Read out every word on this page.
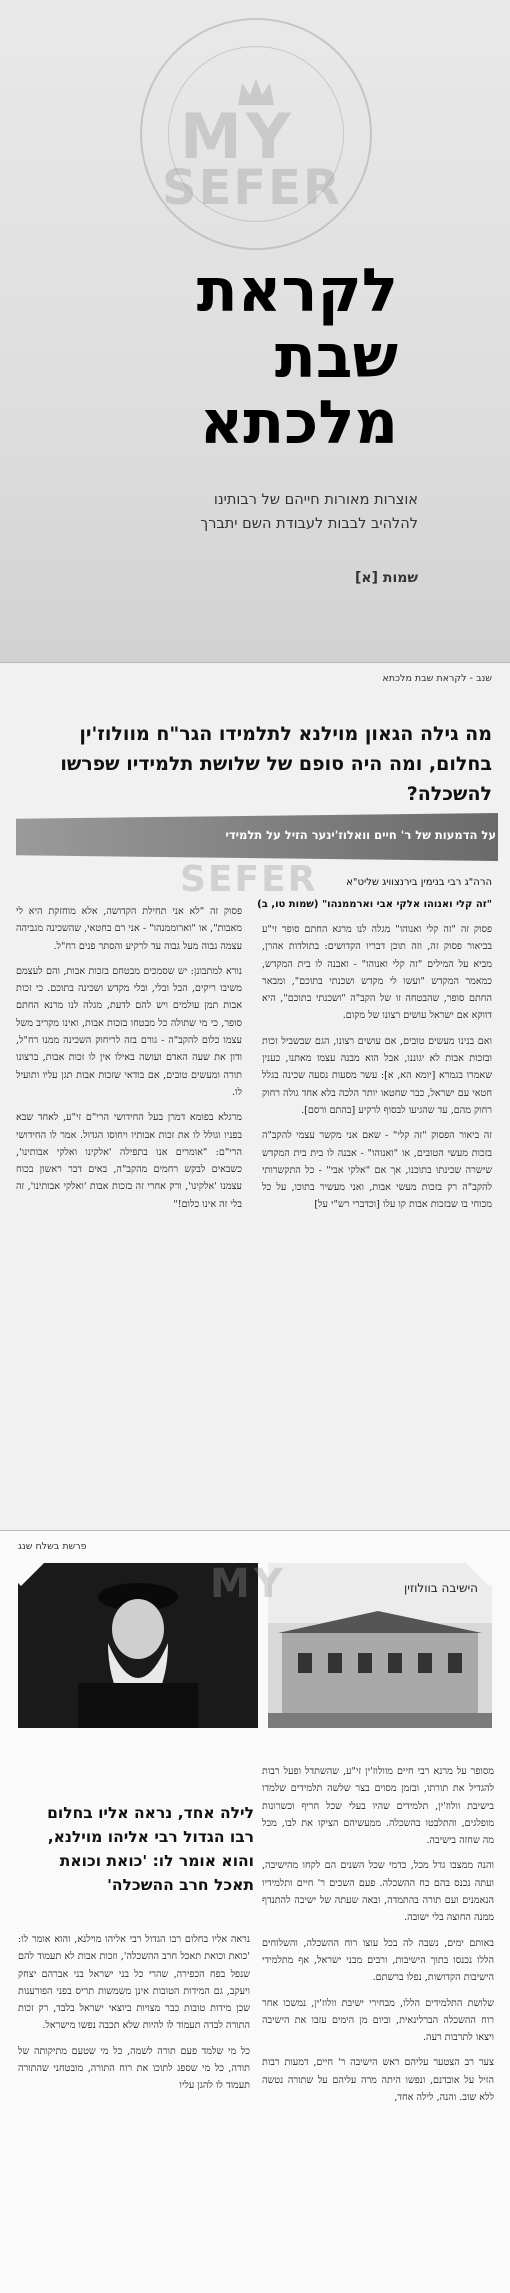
MY
SEFER
לקראת
שבת
מלכתא
אוצרות מאורות חייהם של רבותינו
להלהיב לבבות לעבודת השם יתברך
שמות [א]
שנב - לקראת שבת מלכתא
SEFER
מה גילה הגאון מוילנא לתלמידו הגר"ח מוולוז'ין בחלום, ומה היה סופם של שלושת תלמידיו שפרשו להשכלה?
על הדמעות של ר' חיים וואלוז'ינער הזיל על תלמידי
הרה"ג רבי בנימין בירנצוויג שליט"א
"זה קלי ואנוהו אלקי אבי וארממנהו" (שמות טו, ב)

פסוק זה "זה קלי ואנוהו" מגלה לנו מרגא החתם סופר זי"ע בביאור פסוק זה, וזה תוכן דבריו הקדושים: בתולדות אהרן, מביא על המילים "זה קלי ואנוהו" - ואבנה לו בית המקדש, כמאמר המקדש "ועשו לי מקדש ושכנתי בתוכם", ומבאר החתם סופר, שהבטחה זו של הקב"ה "ושכנתי בתוכם", היא דווקא אם ישראל עושים רצונו של מקום.

ואם בנינו מעשים טובים, אם עושים רצונו, הגם שבשביל זכות ובזכות אבות לא יגוננו, אבל הוא מבנה עצמו מאתנו, כענין שאמרו בגמרא [יומא הא, א]: עשר מסעות נסעה שכינה בגלל חטאי עם ישראל, כבר שחטאו יותר הלכה בלא אחד גולה רחוק רחוק מהם, עד שהגיעו לבסוף לרקיע [בהתם ורסם].

זה ביאור הפסוק "זה קלי" - שאם אני מקשר עצמי להקב"ה בזכות מעשי הטובים, או "ואנוהו" - אבנה לו בית בית המקדש שישרה שכינתו בתוכנו, אך אם "אלקי אבי" - כל התקשרותי להקב"ה רק בזכות מעשי אבות, ואני מעשיר בתוכו, על כל מכוחי בו שבזכות אבות קו עלו [וכדברי רש"י על]

פסוק זה "לא אני תחילת הקדושה, אלא מוחזקת היא לי מאבות", או "וארוממנהו" - אני רם בחטאי, שהשכינה מגביהה עצמה גבוה מעל גבוה עד לרקיע והסתר פנים רח"ל.

נורא למתבונן: יש שסמכים מבטחם בזכות אבות, והם לעצמם משיבו ריקים, הבל ובלי, ובלי מקדש ושכינה בתוכם. כי זכות אבות תמן עולמים ויש להם לדעת, מגלה לנו מרנא החתם סופר, כי מי שתולה כל מבטחו בזכות אבות, ואינו מקריב משל עצמו כלום להקב"ה - גורם בזה לריחוק השכינה ממנו רח"ל, ודון את שעה האדם ועושה באילו אין לו זכות אבות, ברצונו תורה ומעשים טובים, אם בודאי שזכות אבות תגן עליו ותועיל לו.

מרגלא בפומא דמרן בעל החידושי הרי"ם זי"ע, לאחד שבא בפניו וגולל לו את זכות אבותיו ויחוסו הגדול. אמר לו החידושי הרי"ם: "אומרים אנו בתפילה 'אלקינו ואלקי אבותינו', כשבאים לבקש רחמים מהקב"ה, באים דבר ראשון בכוח עצמנו 'אלקינו', ורק אחרי זה בזכות אבות 'ואלקי אבותינו', זה בלי זה אינו כלום!"

פרשת בשלח שנג
הישיבה בוולוזין
MY
לילה אחד, נראה אליו בחלום רבו הגדול רבי אליהו מוילנא, והוא אומר לו: 'כואת וכואת תאכל חרב ההשכלה'

מסופר על מרנא רבי חיים מוולוז'ין זי"ע, שהשתדל ופעל רבות להגדיל את תורתו, ובזמן מסוים בצר שלשה תלמידים שלמדו בישיבת וולוז'ין, תלמידים שהיו בעלי שכל חריף וכשרונות מופלגים, והתלבטו בהשכלה. ממעשיהם הציקו את לבו, מכל מה שחזה בישיבה.

והנה ממצבו גדל מכל, כדמי שכל השנים הם לקחו מהישיבה, ועתה נכנס בהם כח ההשכלה. פעם השכים ר' חיים ותלמידיו הנאמנים ועם תורה בהתמדה, ובאה שעתה של ישיבה להתנדף ממנה החוצה בלי ישובה.

באותם ימים, נשבה לה בכל עוצו רוח ההשכלה, והשלוחים הללו נכנסו בתוך הישיבות, ורבים מבני ישראל, אף מתלמידי הישיבות הקדושות, נפלו ברשתם.

שלושת התלמידים הללו, מבחירי ישיבת וולוז'ין, נמשכו אחר רוח ההשכלה הברלינאית, וביום מן הימים עזבו את הישיבה ויצאו לתרבות רעה.

צער רב הצטער עליהם ראש הישיבה ר' חיים, דמעות רבות הזיל על אובדנם, ונפשו היתה מרה עליהם על שתורה נטשה ללא שוב. והנה, לילה אחד,

נראה אליו בחלום רבו הגדול רבי אליהו מוילנא, והוא אומר לו: 'כואת וכואת תאכל חרב ההשכלה', וזכות אבות לא תעמוד להם שנפל בפח הכפירה, שהרי כל בני ישראל בני אברהם יצחק ויעקב, גם המידות הטובות אינן משמשות תריס בפני הפורענות שכן מידות טובות כבר מצויות ביוצאי ישראל בלבד, רק זכות התורה לבדה תעמוד לו להיות שלא תכבה נפשו מישראל.

כל מי שלמד פעם תורה לשמה, כל מי שטעם מתיקותה של תורה, כל מי שספג לתוכו את רוח התורה, מובטחני שהתורה תעמוד לו להגן עליו
